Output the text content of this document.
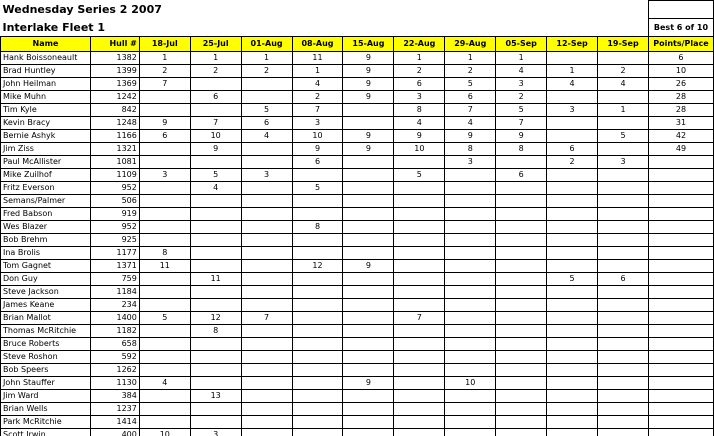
Wednesday Series 2 2007												
Interlake Fleet 1												Best 6 of 10
Name	Hull #	18-Jul	25-Jul	01-Aug	08-Aug	15-Aug	22-Aug	29-Aug	05-Sep	12-Sep	19-Sep	Points/Place
Hank Boissoneault	1382	1	1	1	11	9	1	1	1			6
Brad Huntley	1399	2	2	2	1	9	2	2	4	1	2	10
John Heilman	1369	7			4	9	6	5	3	4	4	26
Mike Muhn	1242		6		2	9	3	6	2			28
Tim Kyle	842			5	7		8	7	5	3	1	28
Kevin Bracy	1248	9	7	6	3		4	4	7			31
Bernie Ashyk	1166	6	10	4	10	9	9	9	9		5	42
Jim Ziss	1321		9		9	9	10	8	8	6		49
Paul McAllister	1081				6			3		2	3	
Mike Zuilhof	1109	3	5	3			5		6			
Fritz Everson	952		4		5							
Semans/Palmer	506											
Fred Babson	919											
Wes Blazer	952				8							
Bob Brehm	925											
Ina Brolis	1177	8										
Tom Gagnet	1371	11			12	9						
Don Guy	759		11							5	6	
Steve Jackson	1184											
James Keane	234											
Brian Mallot	1400	5	12	7			7					
Thomas McRitchie	1182		8									
Bruce Roberts	658											
Steve Roshon	592											
Bob Speers	1262											
John Stauffer	1130	4				9		10				
Jim Ward	384		13									
Brian Wells	1237											
Park McRitchie	1414											
Scott Irwin	400	10	3									
